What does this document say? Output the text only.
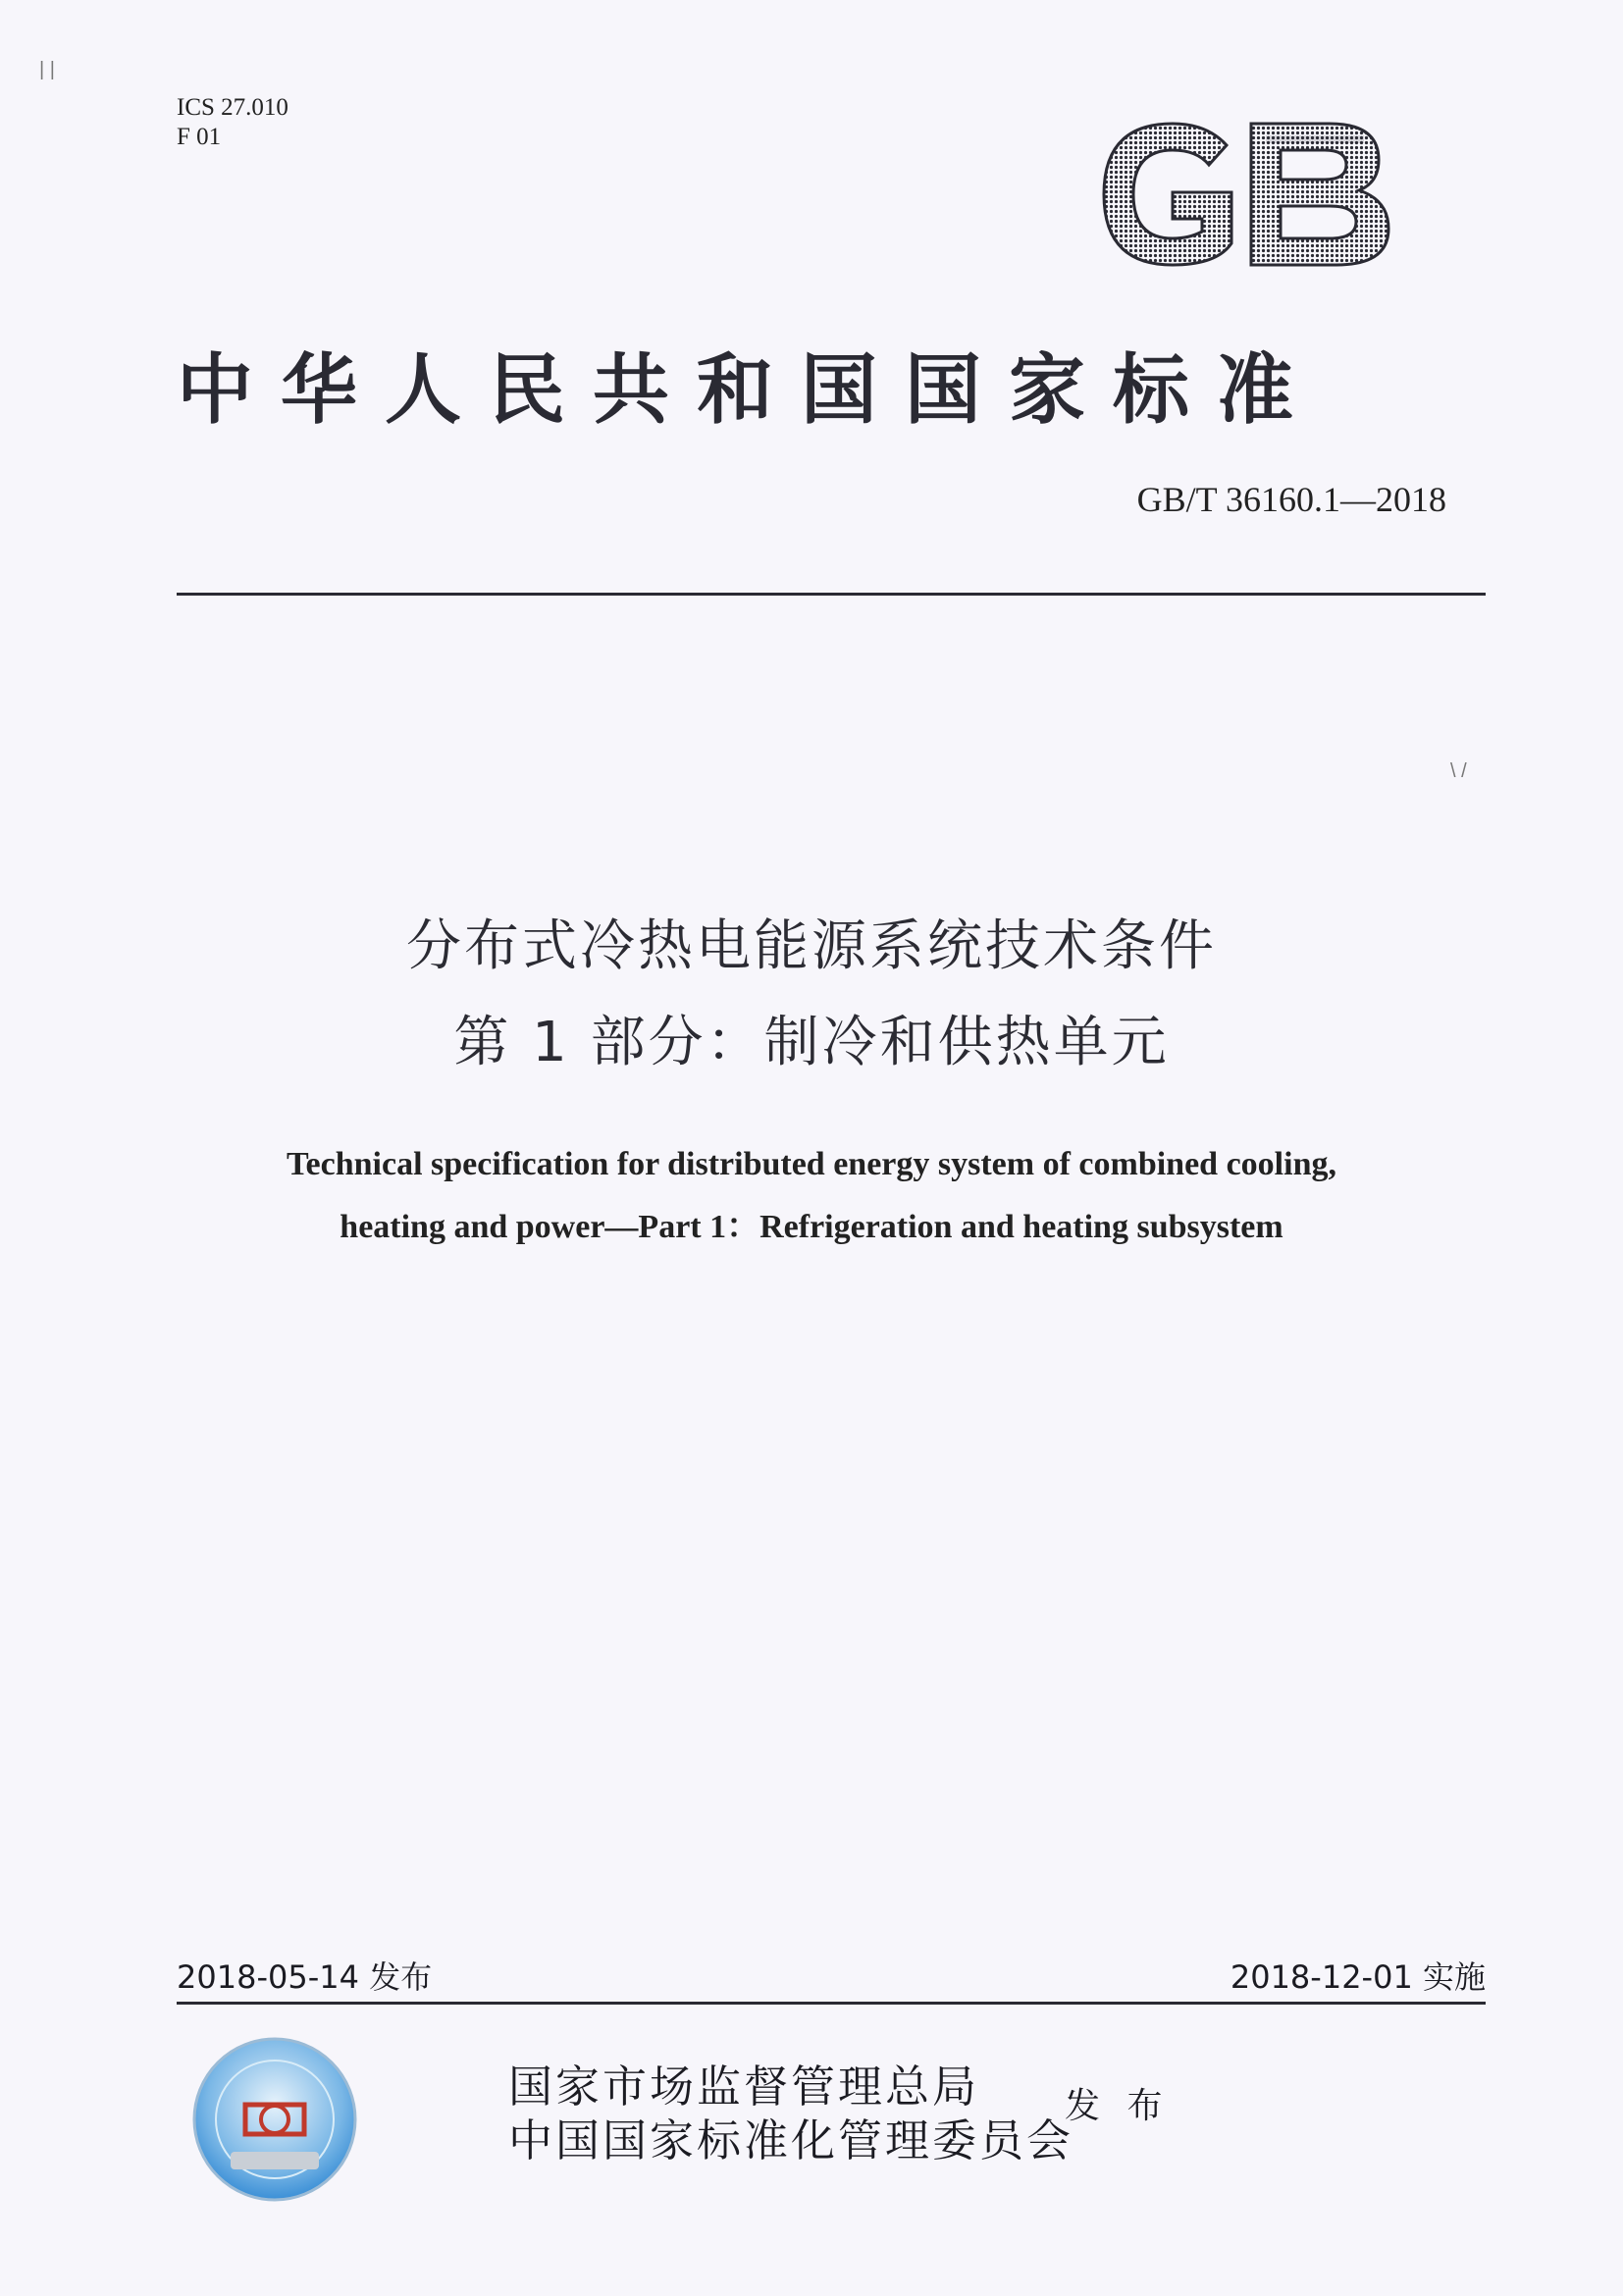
| |
ICS 27.010
F 01
中华人民共和国国家标准
GB/T 36160.1—2018
\ /
分布式冷热电能源系统技术条件
第 1 部分：制冷和供热单元
Technical specification for distributed energy system of combined cooling,
heating and power—Part 1：Refrigeration and heating subsystem
2018-05-14 发布	2018-12-01 实施
国家市场监督管理总局
中国国家标准化管理委员会
发 布
